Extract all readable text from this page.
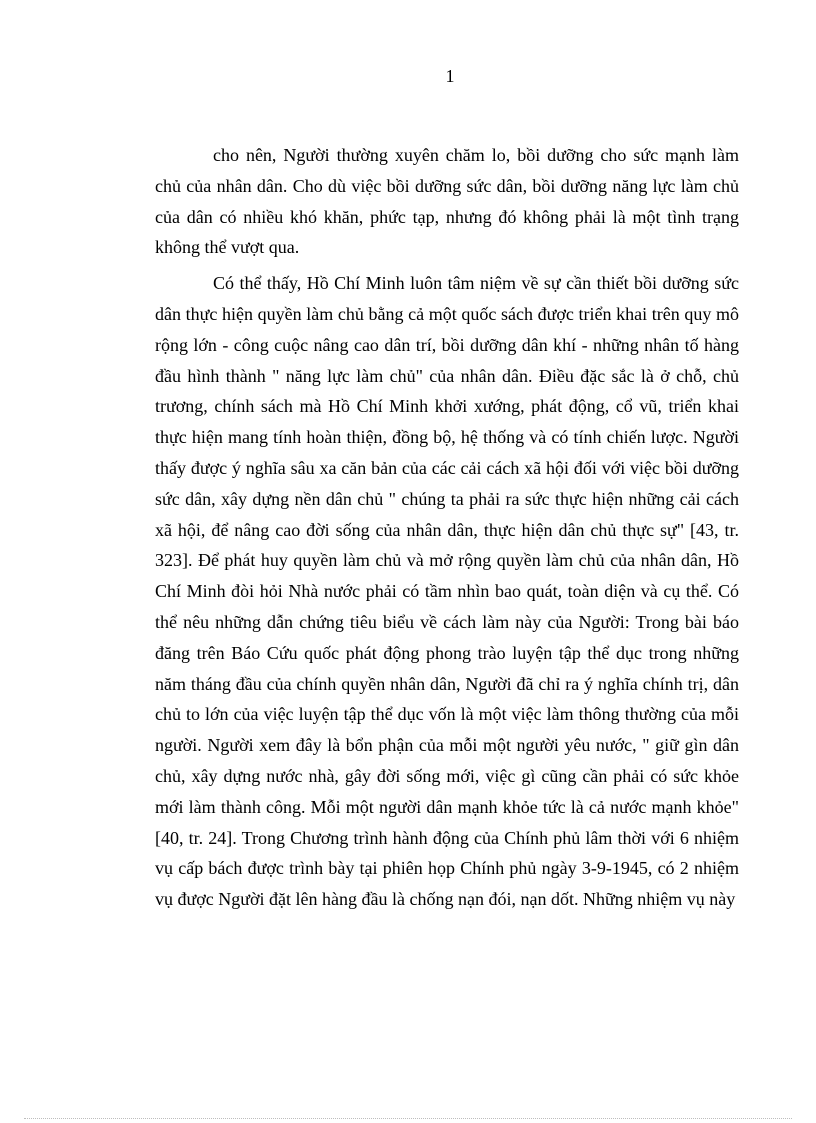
1

cho nên, Người thường xuyên chăm lo, bồi dưỡng cho sức mạnh làm chủ của nhân dân. Cho dù việc bồi dưỡng sức dân, bồi dưỡng năng lực làm chủ của dân có nhiều khó khăn, phức tạp, nhưng đó không phải là một tình trạng không thể vượt qua.

Có thể thấy, Hồ Chí Minh luôn tâm niệm về sự cần thiết bồi dưỡng sức dân thực hiện quyền làm chủ bằng cả một quốc sách được triển khai trên quy mô rộng lớn - công cuộc nâng cao dân trí, bồi dưỡng dân khí - những nhân tố hàng đầu hình thành " năng lực làm chủ" của nhân dân. Điều đặc sắc là ở chỗ, chủ trương, chính sách mà Hồ Chí Minh khởi xướng, phát động, cổ vũ, triển khai thực hiện mang tính hoàn thiện, đồng bộ, hệ thống và có tính chiến lược. Người thấy được ý nghĩa sâu xa căn bản của các cải cách xã hội đối với việc bồi dưỡng sức dân, xây dựng nền dân chủ " chúng ta phải ra sức thực hiện những cải cách xã hội, để nâng cao đời sống của nhân dân, thực hiện dân chủ thực sự" [43, tr. 323]. Để phát huy quyền làm chủ và mở rộng quyền làm chủ của nhân dân, Hồ Chí Minh đòi hỏi Nhà nước phải có tầm nhìn bao quát, toàn diện và cụ thể. Có thể nêu những dẫn chứng tiêu biểu về cách làm này của Người: Trong bài báo đăng trên Báo Cứu quốc phát động phong trào luyện tập thể dục trong những năm tháng đầu của chính quyền nhân dân, Người đã chỉ ra ý nghĩa chính trị, dân chủ to lớn của việc luyện tập thể dục vốn là một việc làm thông thường của mỗi người. Người xem đây là bổn phận của mỗi một người yêu nước, " giữ gìn dân chủ, xây dựng nước nhà, gây đời sống mới, việc gì cũng cần phải có sức khỏe mới làm thành công. Mỗi một người dân mạnh khỏe tức là cả nước mạnh khỏe" [40, tr. 24]. Trong Chương trình hành động của Chính phủ lâm thời với 6 nhiệm vụ cấp bách được trình bày tại phiên họp Chính phủ ngày 3-9-1945, có 2 nhiệm vụ được Người đặt lên hàng đầu là chống nạn đói, nạn dốt. Những nhiệm vụ này
